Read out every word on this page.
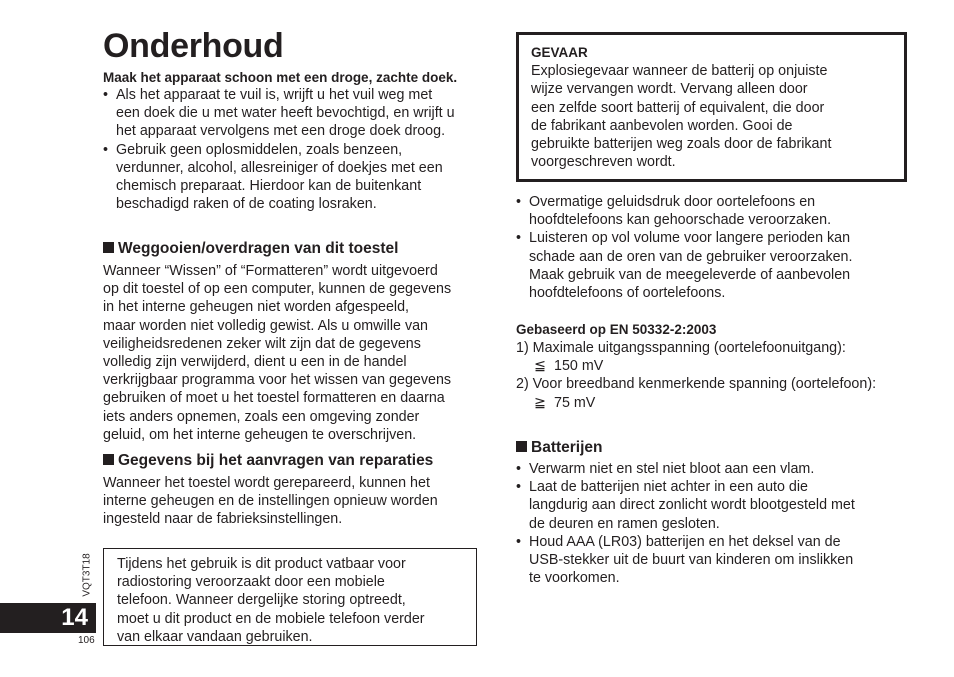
Onderhoud
Maak het apparaat schoon met een droge, zachte doek.
• Als het apparaat te vuil is, wrijft u het vuil weg met
een doek die u met water heeft bevochtigd, en wrijft u
het apparaat vervolgens met een droge doek droog.
• Gebruik geen oplosmiddelen, zoals benzeen,
verdunner, alcohol, allesreiniger of doekjes met een
chemisch preparaat. Hierdoor kan de buitenkant
beschadigd raken of de coating losraken.
Weggooien/overdragen van dit toestel
Wanneer “Wissen” of “Formatteren” wordt uitgevoerd
op dit toestel of op een computer, kunnen de gegevens
in het interne geheugen niet worden afgespeeld,
maar worden niet volledig gewist. Als u omwille van
veiligheidsredenen zeker wilt zijn dat de gegevens
volledig zijn verwijderd, dient u een in de handel
verkrijgbaar programma voor het wissen van gegevens
gebruiken of moet u het toestel formatteren en daarna
iets anders opnemen, zoals een omgeving zonder
geluid, om het interne geheugen te overschrijven.
Gegevens bij het aanvragen van reparaties
Wanneer het toestel wordt gerepareerd, kunnen het
interne geheugen en de instellingen opnieuw worden
ingesteld naar de fabrieksinstellingen.
Tijdens het gebruik is dit product vatbaar voor
radiostoring veroorzaakt door een mobiele
telefoon. Wanneer dergelijke storing optreedt,
moet u dit product en de mobiele telefoon verder
van elkaar vandaan gebruiken.
VQT3T18
14
106
GEVAAR
Explosiegevaar wanneer de batterij op onjuiste
wijze vervangen wordt. Vervang alleen door
een zelfde soort batterij of equivalent, die door
de fabrikant aanbevolen worden. Gooi de
gebruikte batterijen weg zoals door de fabrikant
voorgeschreven wordt.
• Overmatige geluidsdruk door oortelefoons en
hoofdtelefoons kan gehoorschade veroorzaken.
• Luisteren op vol volume voor langere perioden kan
schade aan de oren van de gebruiker veroorzaken.
Maak gebruik van de meegeleverde of aanbevolen
hoofdtelefoons of oortelefoons.
Gebaseerd op EN 50332-2:2003
1) Maximale uitgangsspanning (oortelefoonuitgang):
≦ 150 mV
2) Voor breedband kenmerkende spanning (oortelefoon):
≧ 75 mV
Batterijen
• Verwarm niet en stel niet bloot aan een vlam.
• Laat de batterijen niet achter in een auto die
langdurig aan direct zonlicht wordt blootgesteld met
de deuren en ramen gesloten.
• Houd AAA (LR03) batterijen en het deksel van de
USB-stekker uit de buurt van kinderen om inslikken
te voorkomen.
